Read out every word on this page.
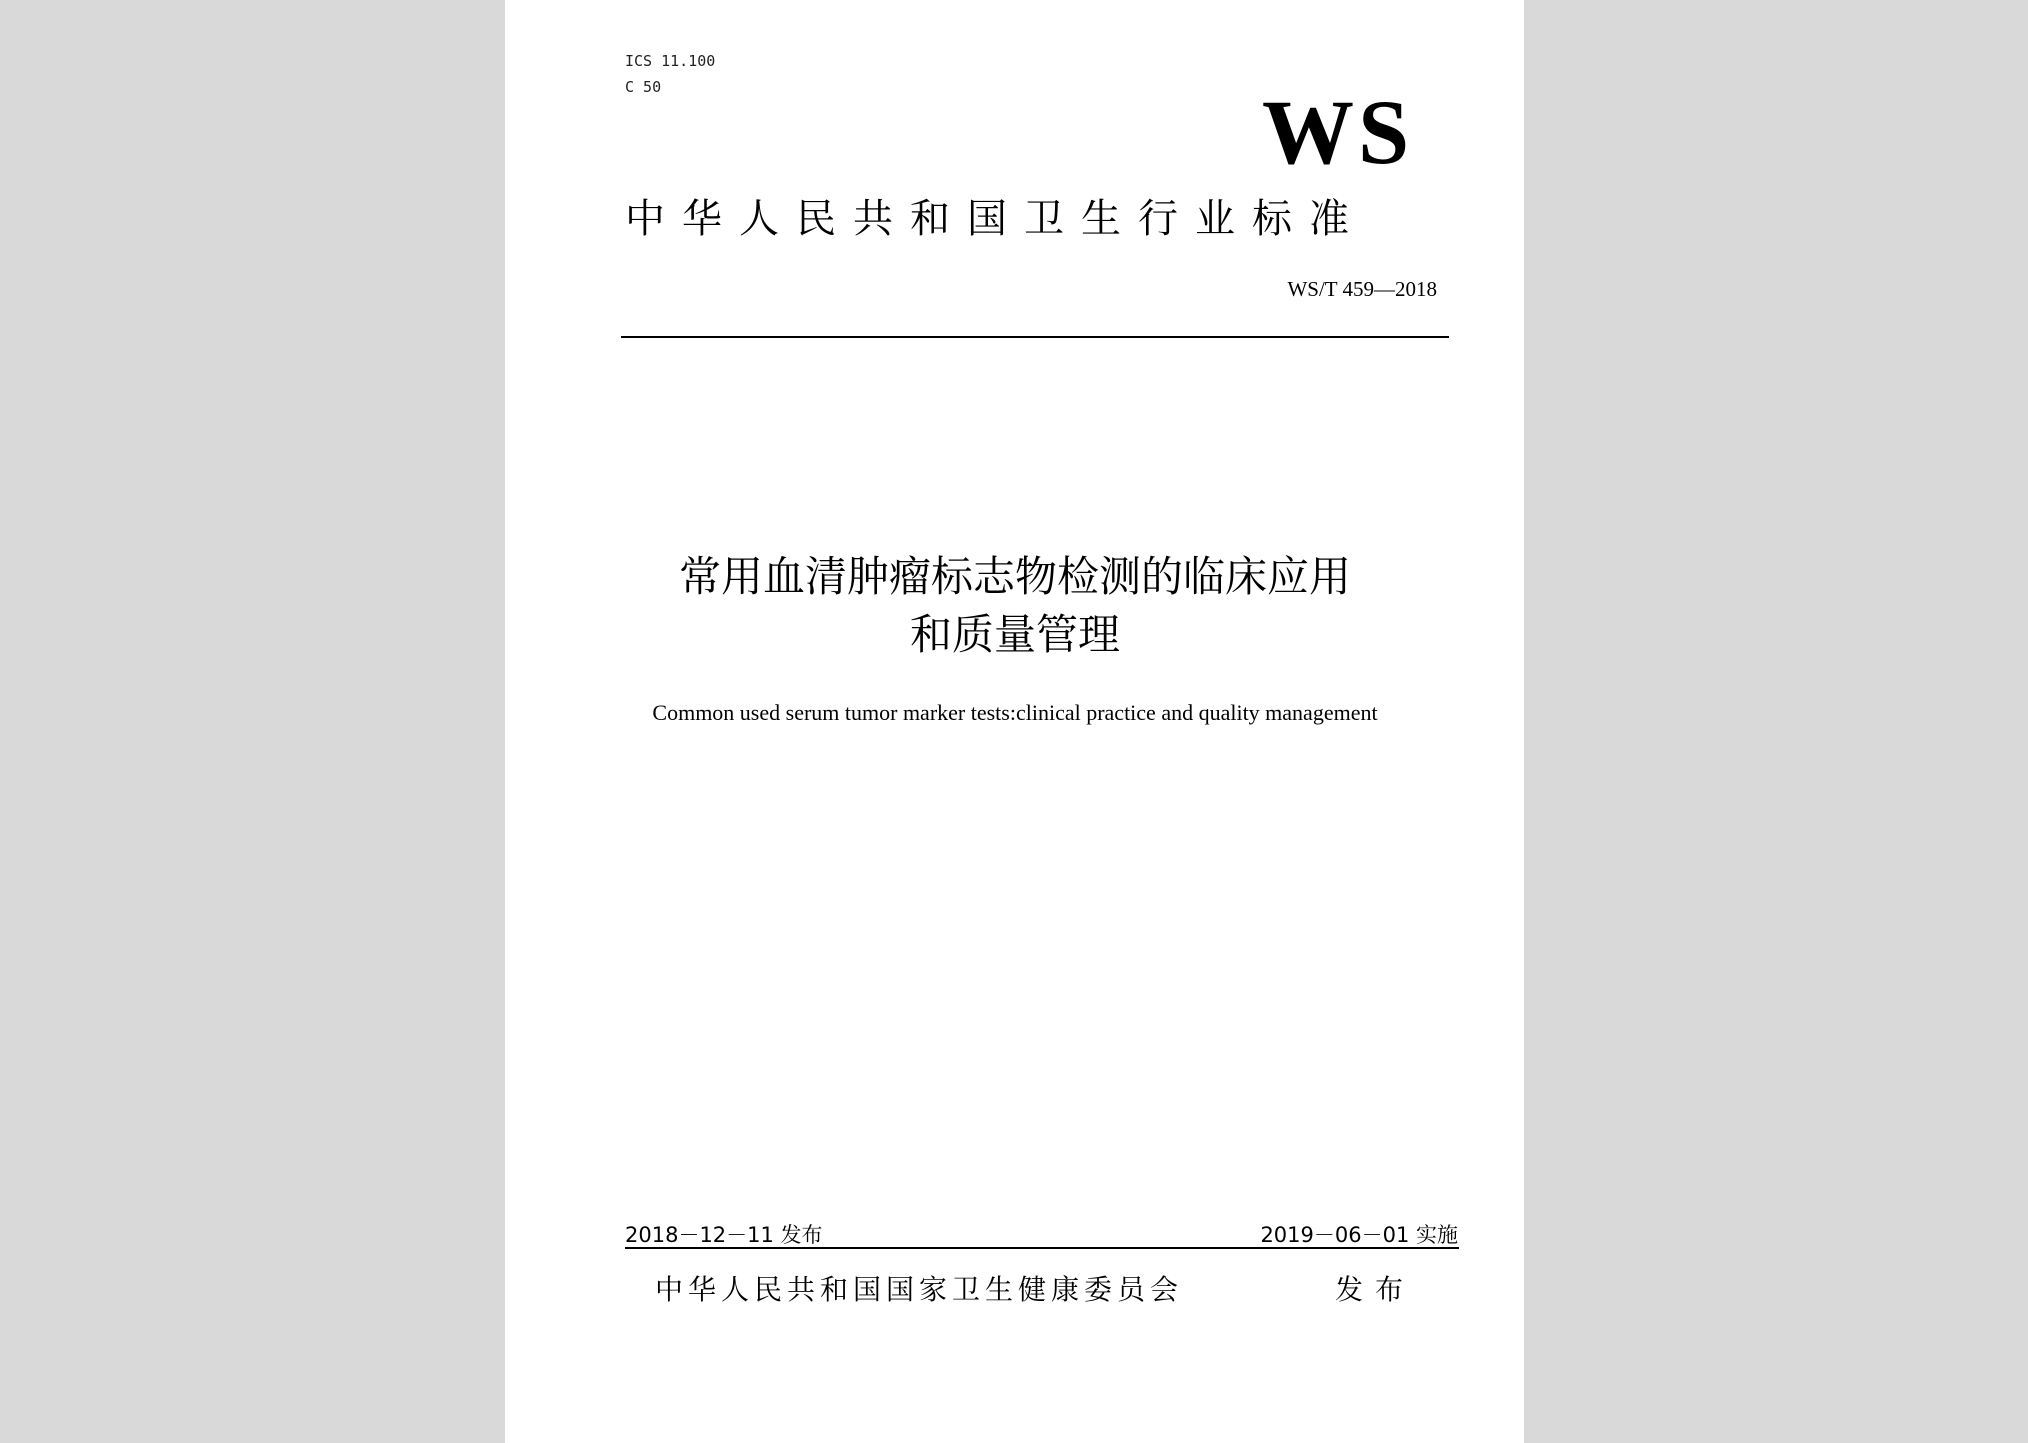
ICS 11.100
C 50	WS
中华人民共和国卫生行业标准
WS/T 459—2018
常用血清肿瘤标志物检测的临床应用
和质量管理
Common used serum tumor marker tests:clinical practice and quality management
2018－12－11 发布	2019－06－01 实施
中华人民共和国国家卫生健康委员会	发布
